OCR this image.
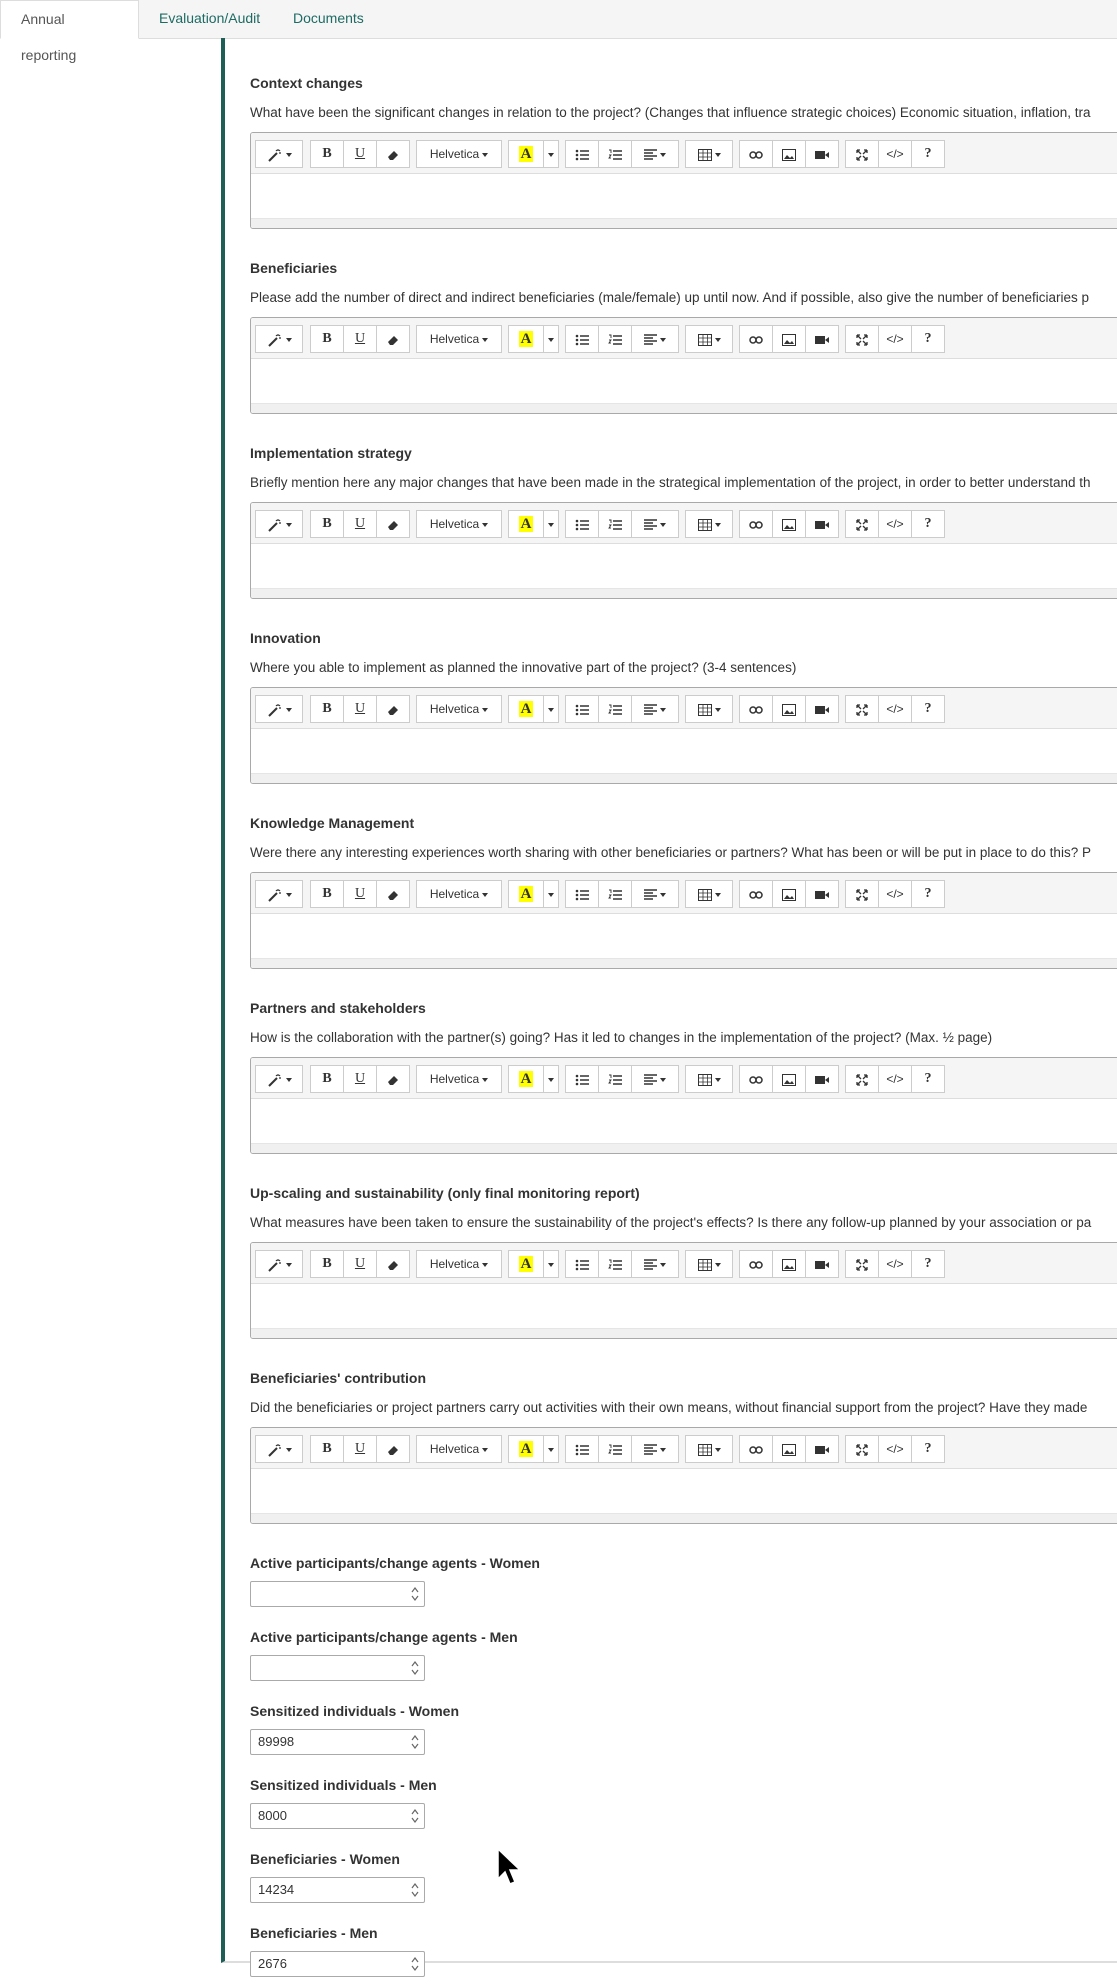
Annual reporting
Evaluation/Audit	Documents
Context changes
What have been the significant changes in relation to the project? (Changes that influence strategic choices) Economic situation, inflation, tra
B	U	Helvetica	A	</>	?
Beneficiaries
Please add the number of direct and indirect beneficiaries (male/female) up until now. And if possible, also give the number of beneficiaries p
B	U	Helvetica	A	</>	?
Implementation strategy
Briefly mention here any major changes that have been made in the strategical implementation of the project, in order to better understand th
B	U	Helvetica	A	</>	?
Innovation
Where you able to implement as planned the innovative part of the project? (3-4 sentences)
B	U	Helvetica	A	</>	?
Knowledge Management
Were there any interesting experiences worth sharing with other beneficiaries or partners? What has been or will be put in place to do this? P
B	U	Helvetica	A	</>	?
Partners and stakeholders
How is the collaboration with the partner(s) going? Has it led to changes in the implementation of the project? (Max. ½ page)
B	U	Helvetica	A	</>	?
Up-scaling and sustainability (only final monitoring report)
What measures have been taken to ensure the sustainability of the project's effects? Is there any follow-up planned by your association or pa
B	U	Helvetica	A	</>	?
Beneficiaries' contribution
Did the beneficiaries or project partners carry out activities with their own means, without financial support from the project? Have they made
B	U	Helvetica	A	</>	?
Active participants/change agents - Women
Active participants/change agents - Men
Sensitized individuals - Women
89998
Sensitized individuals - Men
8000
Beneficiaries - Women
14234
Beneficiaries - Men
2676
